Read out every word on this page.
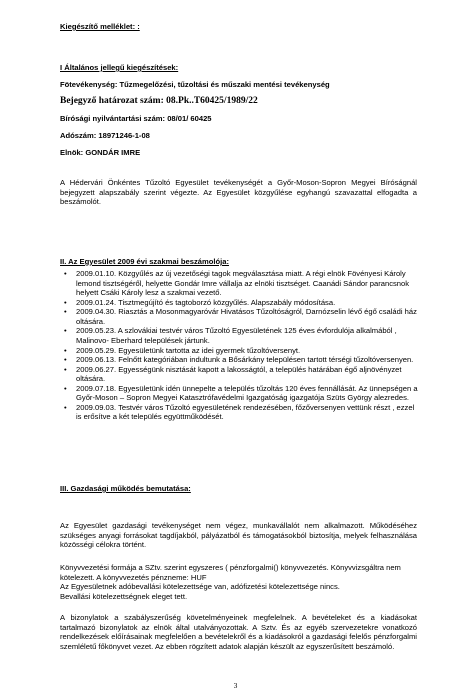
Kiegészítő melléklet: :
I Általános jellegű kiegészítések:
Fötevékenység: Tűzmegelőzési, tűzoltási és műszaki mentési tevékenység
Bejegyző határozat szám: 08.Pk..T60425/1989/22
Bírósági nyilvántartási szám: 08/01/ 60425
Adószám: 18971246-1-08
Elnök: GONDÁR IMRE
A Hédervári Önkéntes Tűzoltó Egyesület tevékenységét a Győr-Moson-Sopron Megyei Bíróságnál bejegyzett alapszabály szerint végezte. Az Egyesület közgyűlése egyhangú szavazattal elfogadta a beszámolót.
II. Az Egyesület 2009 évi szakmai beszámolója:
• 2009.01.10. Közgyűlés az új vezetőségi tagok megválasztása miatt. A régi elnök Fövényesi Károly lemond tisztségéről, helyette Gondár Imre vállalja az elnöki tisztséget. Caanádi Sándor parancsnok helyett Csáki Károly lesz a szakmai vezető.
• 2009.01.24. Tisztmegújító és tagtoborzó közgyűlés. Alapszabály módosítása.
• 2009.04.30. Riasztás a Mosonmagyaróvár Hivatásos Tűzoltóságról, Darnózselin lévő égő családi ház oltására.
• 2009.05.23. A szlovákiai testvér város Tűzoltó Egyesületének 125 éves évfordulója alkalmából , Malinovo- Eberhard települések jártunk.
• 2009.05.29. Egyesületünk tartotta az idei gyermek tűzoltóversenyt.
• 2009.06.13. Felnőtt kategóriában indultunk a Bősárkány településen tartott térségi tűzoltóversenyen.
• 2009.06.27. Egyességünk nisztását kapott a lakosságtól, a település határában égő aljnövényzet oltására.
• 2009.07.18. Egyesületünk idén ünnepelte a település tűzoltás 120 éves fennállását. Az ünnepségen a Győr-Moson – Sopron Megyei Katasztrófavédelmi Igazgatóság igazgatója Szüts György alezredes.
• 2009.09.03. Testvér város Tűzoltó egyesületének rendezésében, főzőversenyen vettünk részt , ezzel is erősítve a két település együttműködését.
III. Gazdasági működés bemutatása:
Az Egyesület gazdasági tevékenységet nem végez, munkavállalót nem alkalmazott. Működéséhez szükséges anyagi forrásokat tagdíjakból, pályázatból és támogatásokból biztosítja, melyek felhasználása közösségi célokra történt.

Könyvvezetési formája a SZtv. szerint egyszeres ( pénzforgalmi() könyvvezetés. Könyvvizsgáltra nem kötelezett. A könyvvezetés pénzneme: HUF

Az Egyesületnek adóbevallási kötelezettsége van, adófizetési kötelezettsége nincs.

Bevallási kötelezettségnek eleget tett.

A bizonylatok a szabályszerűség követelményeinek megfelelnek. A bevételeket és a kiadásokat tartalmazó bizonylatok az elnök által utalványozottak. A Sztv. És az egyéb szervezetekre vonatkozó rendelkezések előírásainak megfelelően a bevételekről és a kiadásokról a gazdasági felelős pénzforgalmi szemléletű főkönyvet vezet. Az ebben rögzített adatok alapján készült az egyszerűsített beszámoló.
3
